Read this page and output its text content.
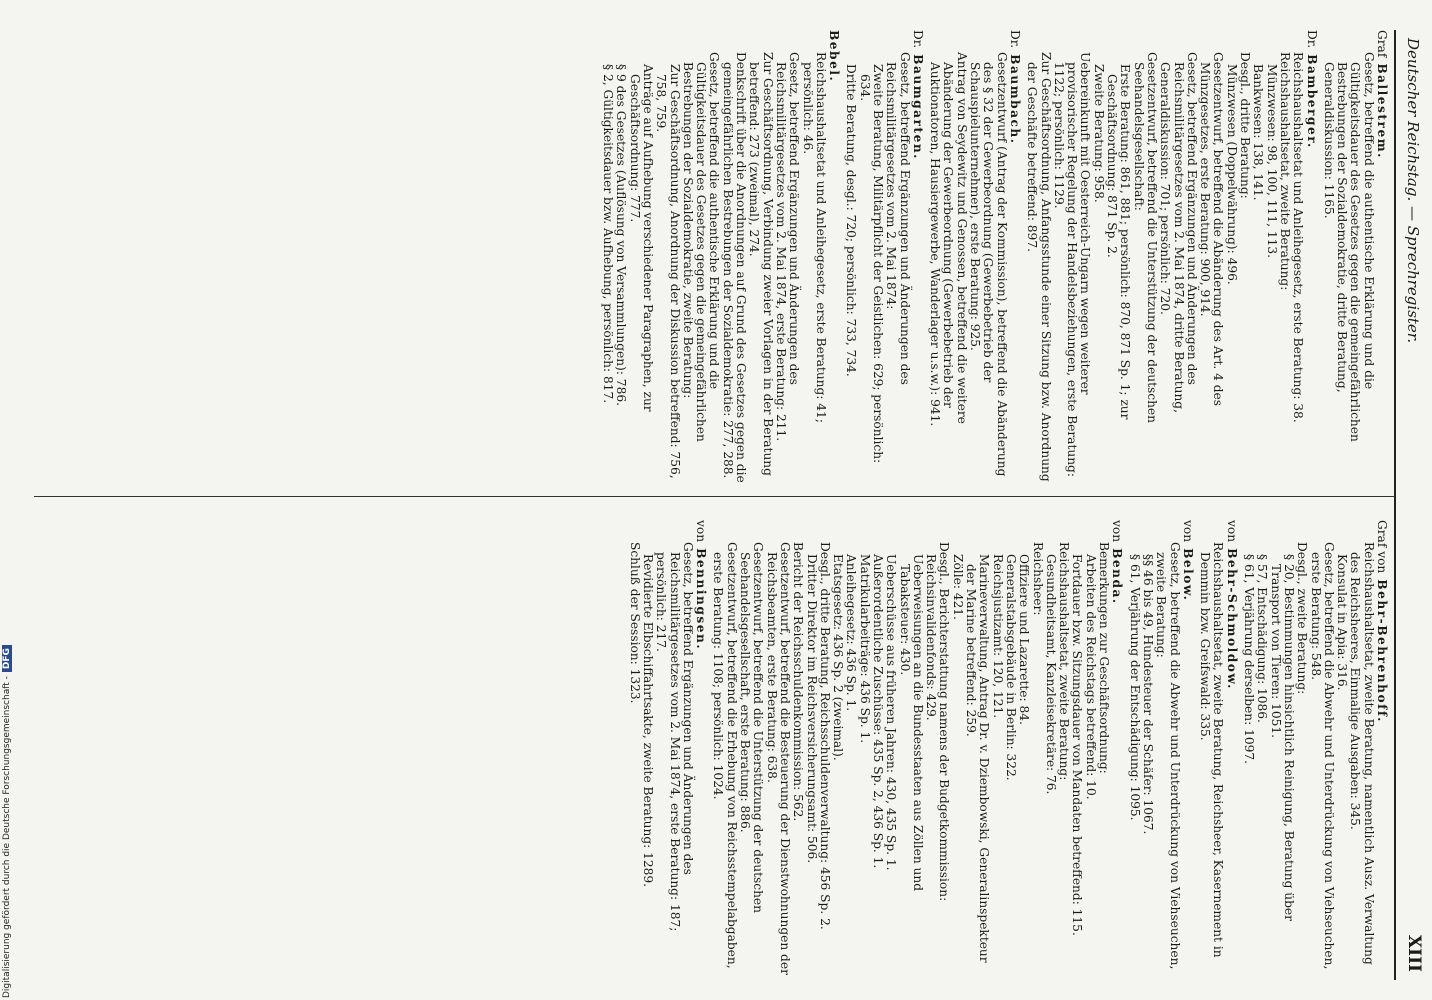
Deutscher Reichstag. — Sprechregister.
XIII
GrafBallestrem.
Gesetz, betreffend die authentische Erklärung und die Gültigkeitsdauer des Gesetzes gegen die gemeingefährlichen Bestrebungen der Sozialdemokratie, dritte Beratung, Generaldiskussion: 1165.
Dr.Bamberger.
Reichshaushaltsetat und Anleihegesetz, erste Beratung: 38.
Reichshaushaltsetat, zweite Beratung:
Münzwesen: 98, 100, 111, 113.
Bankwesen: 138, 141.
Desgl., dritte Beratung:
Münzwesen (Doppelwährung): 496.
Gesetzentwurf, betreffend die Abänderung des Art. 4 des Münzgesetzes, erste Beratung: 900, 914.
Gesetz, betreffend Ergänzungen und Änderungen des Reichsmilitärgesetzes vom 2. Mai 1874, dritte Beratung, Generaldiskussion: 701; persönlich: 720.
Gesetzentwurf, betreffend die Unterstützung der deutschen Seehandelsgesellschaft:
Erste Beratung: 861, 881; persönlich: 870, 871 Sp. 1; zur Geschäftsordnung: 871 Sp. 2.
Zweite Beratung: 958.
Uebereinkunft mit Oesterreich-Ungarn wegen weiterer provisorischer Regelung der Handelsbeziehungen, erste Beratung: 1122; persönlich: 1129.
Zur Geschäftsordnung, Anfangsstunde einer Sitzung bzw. Anordnung der Geschäfte betreffend: 897.
Dr.Baumbach.
Gesetzentwurf (Antrag der Kommission), betreffend die Abänderung des § 32 der Gewerbeordnung (Gewerbebetrieb der Schauspielunternehmer), erste Beratung: 925.
Antrag von Seydewitz und Genossen, betreffend die weitere Abänderung der Gewerbeordnung (Gewerbebetrieb der Auktionatoren, Hausiergewerbe, Wanderlager u.s.w.): 941.
Dr.Baumgarten.
Gesetz, betreffend Ergänzungen und Änderungen des Reichsmilitärgesetzes vom 2. Mai 1874:
Zweite Beratung, Militärpflicht der Geistlichen: 629; persönlich: 634.
Dritte Beratung, desgl.: 720; persönlich: 733, 734.
Bebel.
Reichshaushaltsetat und Anleihegesetz, erste Beratung: 41; persönlich: 46.
Gesetz, betreffend Ergänzungen und Änderungen des Reichsmilitärgesetzes vom 2. Mai 1874, erste Beratung: 211.
Zur Geschäftsordnung, Verbindung zweier Vorlagen in der Beratung betreffend: 273 (zweimal), 274.
Denkschrift über die Anordnungen auf Grund des Gesetzes gegen die gemeingefährlichen Bestrebungen der Sozialdemokratie: 277, 288.
Gesetz, betreffend die authentische Erklärung und die Gültigkeitsdauer des Gesetzes gegen die gemeingefährlichen Bestrebungen der Sozialdemokratie, zweite Beratung:
Zur Geschäftsordnung, Anordnung der Diskussion betreffend: 756, 758, 759.
Anträge auf Aufhebung verschiedener Paragraphen, zur Geschäftsordnung: 777.
§ 9 des Gesetzes (Auflösung von Versammlungen): 786.
§ 2, Gültigkeitsdauer bzw. Aufhebung, persönlich: 817.
Graf vonBehr-Behrenhoff.
Reichshaushaltsetat, zweite Beratung, namentlich Ausz. Verwaltung des Reichsheeres, Einmalige Ausgaben: 345.
Konsulat in Apia: 316.
Gesetz, betreffend die Abwehr und Unterdrückung von Viehseuchen, erste Beratung: 548.
Desgl., zweite Beratung:
§ 20, Bestimmungen hinsichtlich Reinigung, Beratung über Transport von Tieren: 1051.
§ 57, Entschädigung: 1086.
§ 61, Verjährung derselben: 1097.
vonBehr-Schmoldow.
Reichshaushaltsetat, zweite Beratung, Reichsheer, Kasernement in Demmin bzw. Greifswald: 335.
vonBelow.
Gesetz, betreffend die Abwehr und Unterdrückung von Viehseuchen, zweite Beratung:
§§ 46 bis 49, Hundesteuer der Schäfer: 1067.
§ 61, Verjährung der Entschädigung: 1095.
vonBenda.
Bemerkungen zur Geschäftsordnung:
Arbeiten des Reichstags betreffend: 10.
Fortdauer bzw. Sitzungsdauer von Mandaten betreffend: 115.
Reichshaushaltsetat, zweite Beratung:
Gesundheitsamt, Kanzleisekretäre: 76.
Reichsheer:
Offiziere und Lazarette: 84.
Generalstabsgebäude in Berlin: 322.
Reichsjustizamt: 120, 121.
Marineverwaltung, Antrag Dr. v. Dziembowski, Generalinspekteur der Marine betreffend: 259.
Zölle: 421.
Desgl., Berichterstattung namens der Budgetkommission:
Reichsinvalidenfonds: 429.
Ueberweisungen an die Bundesstaaten aus Zöllen und Tabaksteuer: 430.
Ueberschüsse aus früheren Jahren: 430, 435 Sp. 1.
Außerordentliche Zuschüsse: 435 Sp. 2, 436 Sp. 1.
Matrikularbeiträge: 436 Sp. 1.
Anleihegesetz: 436 Sp. 1.
Etatsgesetz: 436 Sp. 2 (zweimal).
Desgl., dritte Beratung, Reichsschuldenverwaltung: 456 Sp. 2.
Dritter Direktor im Reichsversicherungsamt: 506.
Bericht der Reichsschuldenkommission: 562.
Gesetzentwurf, betreffend die Besteuerung der Dienstwohnungen der Reichsbeamten, erste Beratung: 638.
Gesetzentwurf, betreffend die Unterstützung der deutschen Seehandelsgesellschaft, erste Beratung: 886.
Gesetzentwurf, betreffend die Erhebung von Reichsstempelabgaben, erste Beratung: 1108; persönlich: 1024.
vonBenningsen.
Gesetz, betreffend Ergänzungen und Änderungen des Reichsmilitärgesetzes vom 2. Mai 1874, erste Beratung: 187; persönlich: 217.
Revidierte Elbschiffahrtsakte, zweite Beratung: 1289.
Schluß der Session: 1323.
Digitalisierung gefördert durch die Deutsche Forschungsgemeinschaft -DFG
